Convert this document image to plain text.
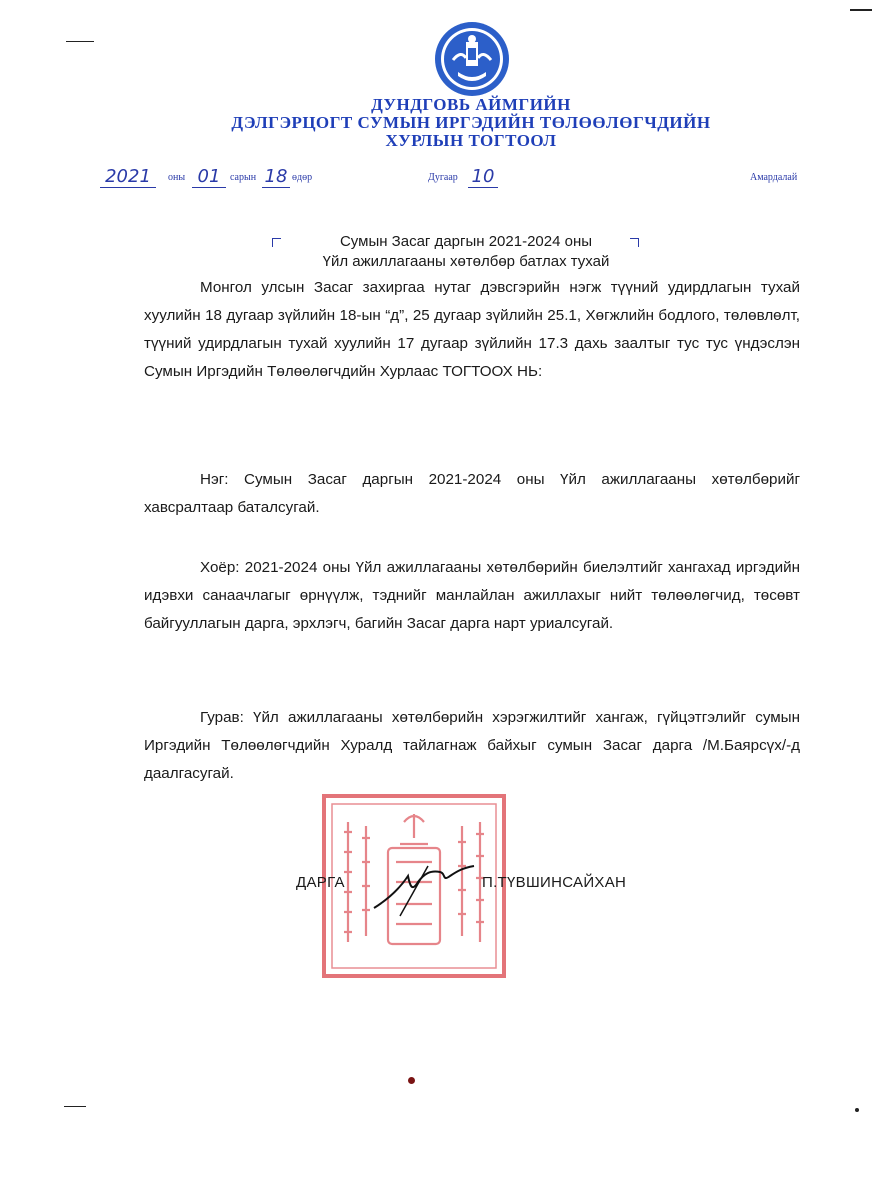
ДУНДГОВЬ АЙМГИЙН
ДЭЛГЭРЦОГТ СУМЫН ИРГЭДИЙН ТӨЛӨӨЛӨГЧДИЙН
ХУРЛЫН ТОГТООЛ
2021	оны 01 сарын 18 өдөр	Дугаар 10	Амардалай
Сумын Засаг даргын 2021-2024 оны
Үйл ажиллагааны хөтөлбөр батлах тухай

Монгол улсын Засаг захиргаа нутаг дэвсгэрийн нэгж түүний удирдлагын тухай хуулийн 18 дугаар зүйлийн 18-ын “д”, 25 дугаар зүйлийн 25.1, Хөгжлийн бодлого, төлөвлөлт, түүний удирдлагын тухай хуулийн 17 дугаар зүйлийн 17.3 дахь заалтыг тус тус үндэслэн Сумын Иргэдийн Төлөөлөгчдийн Хурлаас ТОГТООХ НЬ:

Нэг: Сумын Засаг даргын 2021-2024 оны Үйл ажиллагааны хөтөлбөрийг хавсралтаар баталсугай.

Хоёр: 2021-2024 оны Үйл ажиллагааны хөтөлбөрийн биелэлтийг хангахад иргэдийн идэвхи санаачлагыг өрнүүлж, тэднийг манлайлан ажиллахыг нийт төлөөлөгчид, төсөвт байгууллагын дарга, эрхлэгч, багийн Засаг дарга нарт уриалсугай.

Гурав: Үйл ажиллагааны хөтөлбөрийн хэрэгжилтийг хангаж, гүйцэтгэлийг сумын Иргэдийн Төлөөлөгчдийн Хуралд тайлагнаж байхыг сумын Засаг дарга /М.Баярсүх/-д даалгасугай.

ДАРГА	П.ТҮВШИНСАЙХАН
